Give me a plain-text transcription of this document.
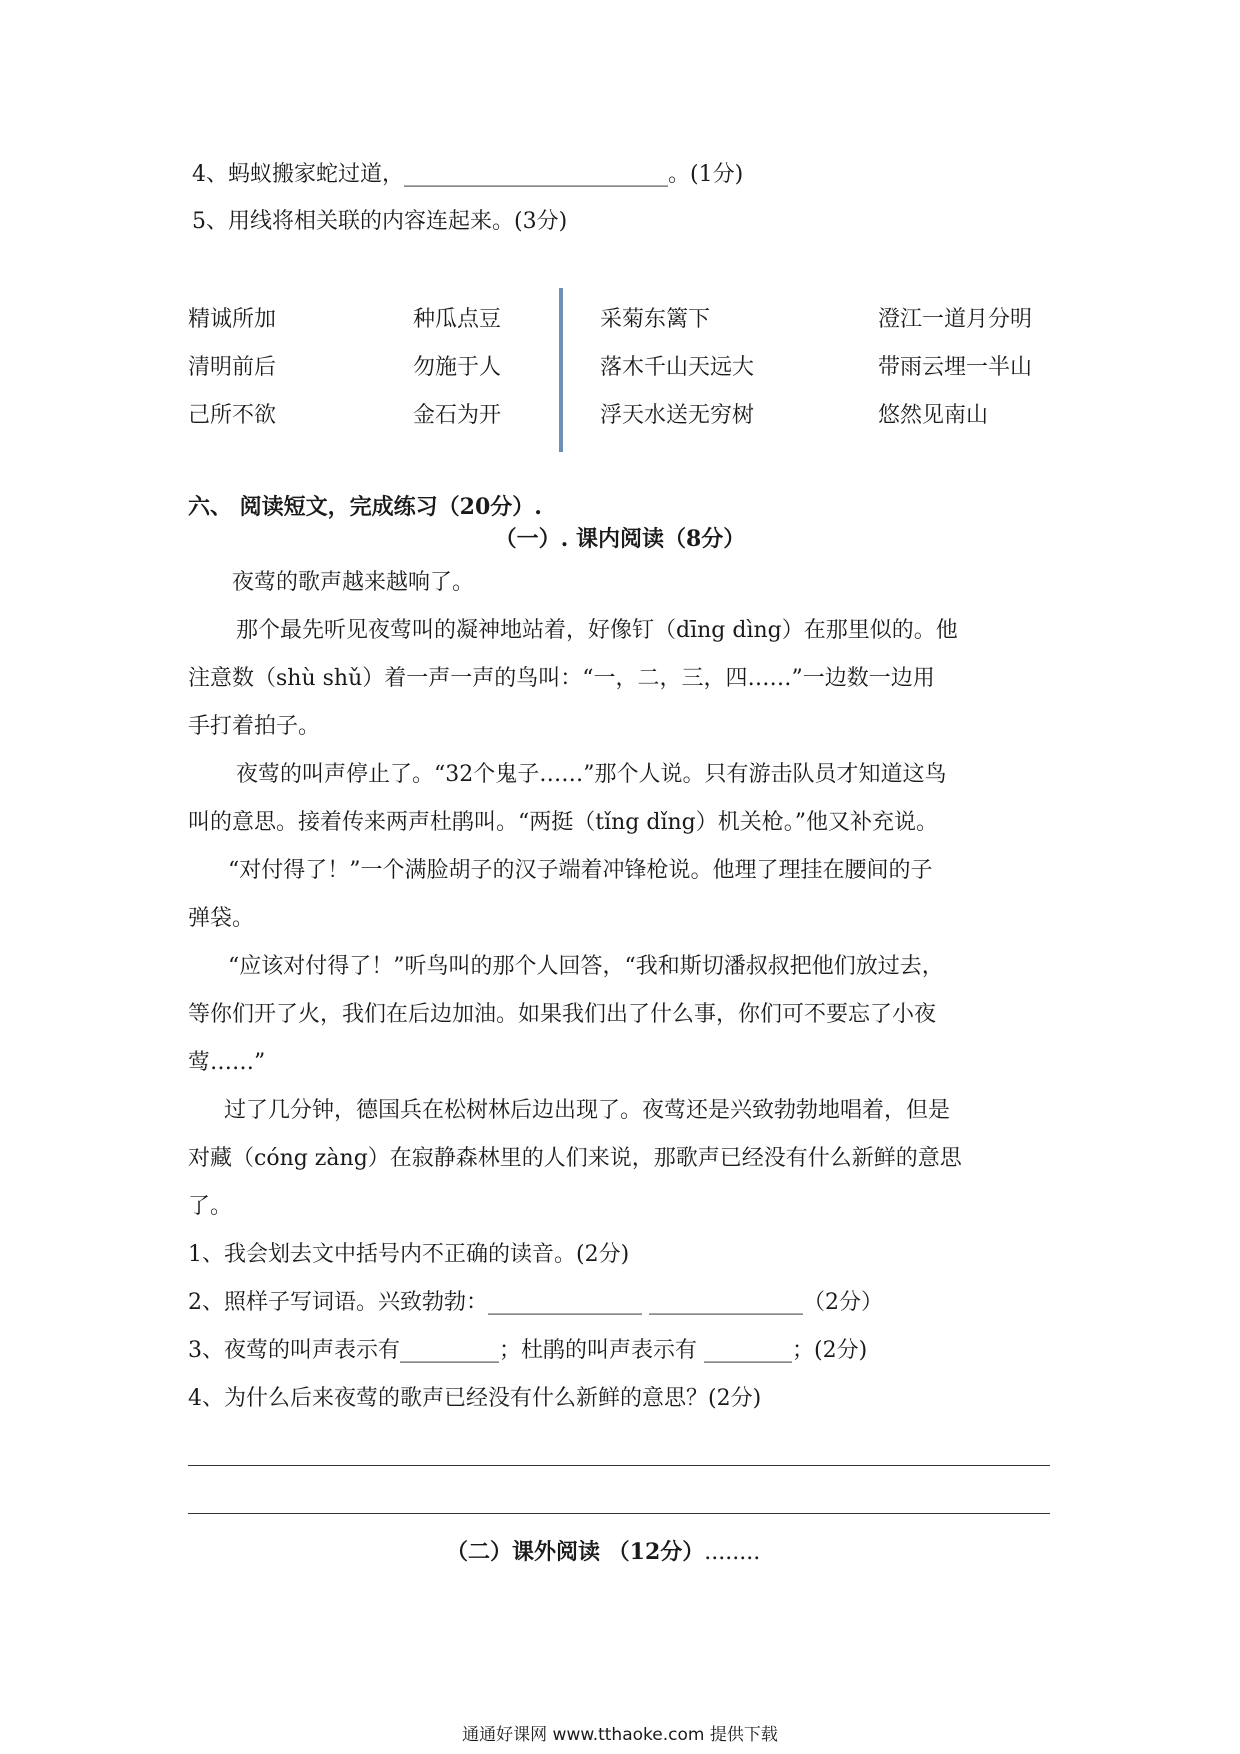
4、蚂蚁搬家蛇过道，________________________。(1分)
5、用线将相关联的内容连起来。(3分)
精诚所加
清明前后
己所不欲
种瓜点豆
勿施于人
金石为开
采菊东篱下
落木千山天远大
浮天水送无穷树
澄江一道月分明
带雨云埋一半山
悠然见南山
六、 阅读短文，完成练习（20分）.
（一）. 课内阅读（8分）
夜莺的歌声越来越响了。
那个最先听见夜莺叫的凝神地站着，好像钉（dīng dìng）在那里似的。他
注意数（shù shǔ）着一声一声的鸟叫：“一，二，三，四……”一边数一边用
手打着拍子。
夜莺的叫声停止了。“32个鬼子……”那个人说。只有游击队员才知道这鸟
叫的意思。接着传来两声杜鹃叫。“两挺（tǐng dǐng）机关枪。”他又补充说。
“对付得了！”一个满脸胡子的汉子端着冲锋枪说。他理了理挂在腰间的子
弹袋。
“应该对付得了！”听鸟叫的那个人回答，“我和斯切潘叔叔把他们放过去，
等你们开了火，我们在后边加油。如果我们出了什么事，你们可不要忘了小夜
莺……”
过了几分钟，德国兵在松树林后边出现了。夜莺还是兴致勃勃地唱着，但是
对藏（cóng zàng）在寂静森林里的人们来说，那歌声已经没有什么新鲜的意思
了。
1、我会划去文中括号内不正确的读音。(2分)
2、照样子写词语。兴致勃勃：______________ ______________（2分）
3、夜莺的叫声表示有_________；杜鹃的叫声表示有 ________；(2分)
4、为什么后来夜莺的歌声已经没有什么新鲜的意思？(2分)
（二）课外阅读 （12分）........
通通好课网 www.tthaoke.com 提供下载
